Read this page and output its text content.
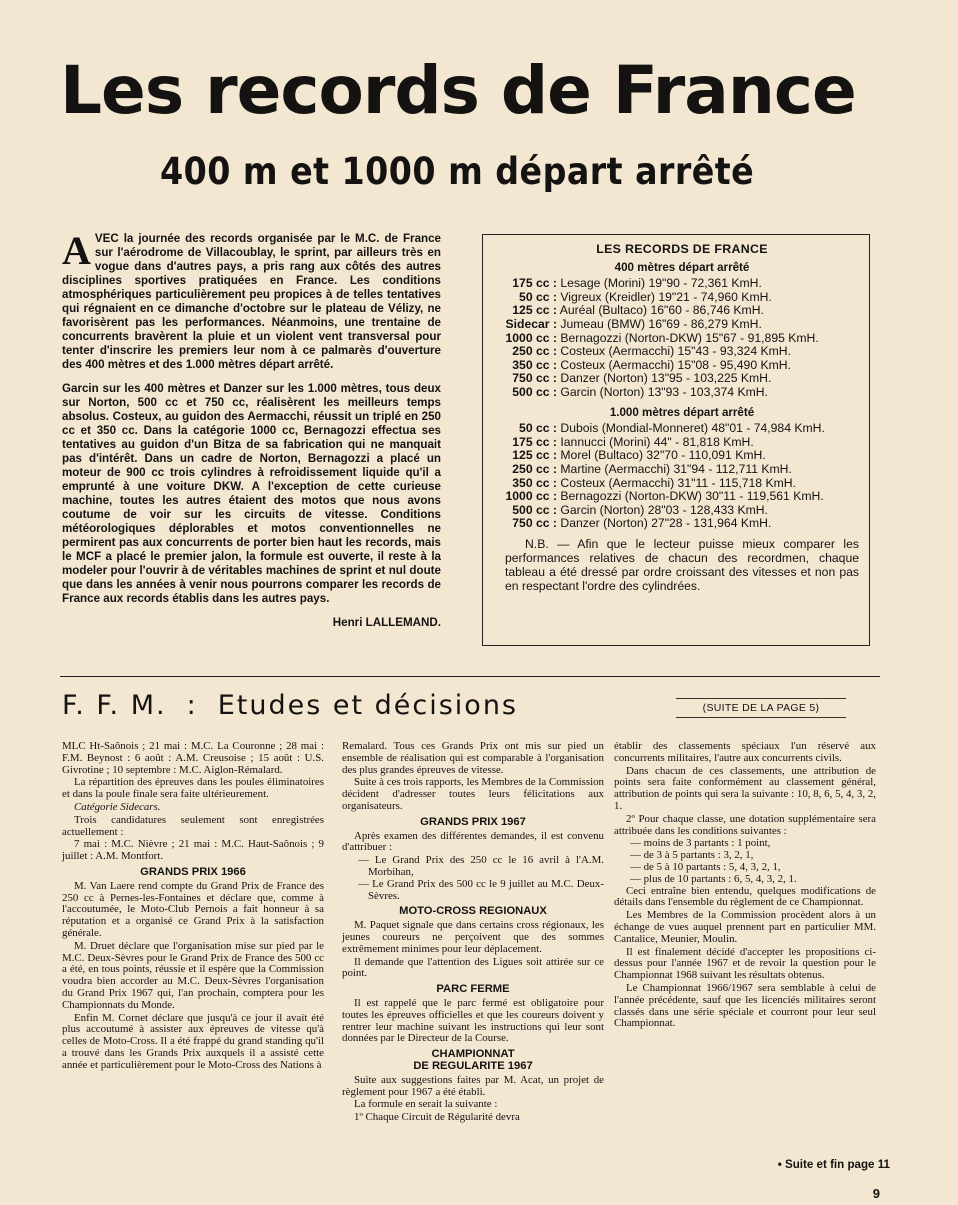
Les records de France
400 m et 1000 m départ arrêté

AVEC la journée des records organisée par le M.C. de France sur l'aérodrome de Villacoublay, le sprint, par ailleurs très en vogue dans d'autres pays, a pris rang aux côtés des autres disciplines sportives pratiquées en France. Les conditions atmosphériques particulièrement peu propices à de telles tentatives qui régnaient en ce dimanche d'octobre sur le plateau de Vélizy, ne favorisèrent pas les performances. Néanmoins, une trentaine de concurrents bravèrent la pluie et un violent vent transversal pour tenter d'inscrire les premiers leur nom à ce palmarès d'ouverture des 400 mètres et des 1.000 mètres départ arrêté.

Garcin sur les 400 mètres et Danzer sur les 1.000 mètres, tous deux sur Norton, 500 cc et 750 cc, réalisèrent les meilleurs temps absolus. Costeux, au guidon des Aermacchi, réussit un triplé en 250 cc et 350 cc. Dans la catégorie 1000 cc, Bernagozzi effectua ses tentatives au guidon d'un Bitza de sa fabrication qui ne manquait pas d'intérêt. Dans un cadre de Norton, Bernagozzi a placé un moteur de 900 cc trois cylindres à refroidissement liquide qu'il a emprunté à une voiture DKW. A l'exception de cette curieuse machine, toutes les autres étaient des motos que nous avons coutume de voir sur les circuits de vitesse. Conditions météorologiques déplorables et motos conventionnelles ne permirent pas aux concurrents de porter bien haut les records, mais le MCF a placé le premier jalon, la formule est ouverte, il reste à la modeler pour l'ouvrir à de véritables machines de sprint et nul doute que dans les années à venir nous pourrons comparer les records de France aux records établis dans les autres pays.

Henri LALLEMAND.
LES RECORDS DE FRANCE
400 mètres départ arrêté
175 cc : Lesage (Morini) 19"90 - 72,361 KmH.
50 cc : Vigreux (Kreidler) 19"21 - 74,960 KmH.
125 cc : Auréal (Bultaco) 16"60 - 86,746 KmH.
Sidecar : Jumeau (BMW) 16"69 - 86,279 KmH.
1000 cc : Bernagozzi (Norton-DKW) 15"67 - 91,895 KmH.
250 cc : Costeux (Aermacchi) 15"43 - 93,324 KmH.
350 cc : Costeux (Aermacchi) 15"08 - 95,490 KmH.
750 cc : Danzer (Norton) 13"95 - 103,225 KmH.
500 cc : Garcin (Norton) 13"93 - 103,374 KmH.
1.000 mètres départ arrêté
50 cc : Dubois (Mondial-Monneret) 48"01 - 74,984 KmH.
175 cc : Iannucci (Morini) 44" - 81,818 KmH.
125 cc : Morel (Bultaco) 32"70 - 110,091 KmH.
250 cc : Martine (Aermacchi) 31"94 - 112,711 KmH.
350 cc : Costeux (Aermacchi) 31"11 - 115,718 KmH.
1000 cc : Bernagozzi (Norton-DKW) 30"11 - 119,561 KmH.
500 cc : Garcin (Norton) 28"03 - 128,433 KmH.
750 cc : Danzer (Norton) 27"28 - 131,964 KmH.

N.B. — Afin que le lecteur puisse mieux comparer les performances relatives de chacun des recordmen, chaque tableau a été dressé par ordre croissant des vitesses et non pas en respectant l'ordre des cylindrées.

F. F. M. : Etudes et décisions	(SUITE DE LA PAGE 5)

MLC Ht-Saônois ; 21 mai : M.C. La Couronne ; 28 mai : F.M. Beynost : 6 août : A.M. Creusoise ; 15 août : U.S. Givrotine ; 10 septembre : M.C. Aiglon-Rémalard.

La répartition des épreuves dans les poules éliminatoires et dans la poule finale sera faite ultérieurement.

Catégorie Sidecars.

Trois candidatures seulement sont enregistrées actuellement :

7 mai : M.C. Nièvre ; 21 mai : M.C. Haut-Saônois ; 9 juillet : A.M. Montfort.

GRANDS PRIX 1966

M. Van Laere rend compte du Grand Prix de France des 250 cc à Pernes-les-Fontaines et déclare que, comme à l'accoutumée, le Moto-Club Pernois a fait honneur à sa réputation et a organisé ce Grand Prix à la satisfaction générale.

M. Druet déclare que l'organisation mise sur pied par le M.C. Deux-Sèvres pour le Grand Prix de France des 500 cc a été, en tous points, réussie et il espère que la Commission voudra bien accorder au M.C. Deux-Sèvres l'organisation du Grand Prix 1967 qui, l'an prochain, comptera pour les Championnats du Monde.

Enfin M. Cornet déclare que jusqu'à ce jour il avait été plus accoutumé à assister aux épreuves de vitesse qu'à celles de Moto-Cross. Il a été frappé du grand standing qu'il a trouvé dans les Grands Prix auxquels il a assisté cette année et particulièrement pour le Moto-Cross des Nations à

Remalard. Tous ces Grands Prix ont mis sur pied un ensemble de réalisation qui est comparable à l'organisation des plus grandes épreuves de vitesse.

Suite à ces trois rapports, les Membres de la Commission décident d'adresser toutes leurs félicitations aux organisateurs.

GRANDS PRIX 1967

Après examen des différentes demandes, il est convenu d'attribuer :

— Le Grand Prix des 250 cc le 16 avril à l'A.M. Morbihan,
— Le Grand Prix des 500 cc le 9 juillet au M.C. Deux-Sèvres.
MOTO-CROSS REGIONAUX

M. Paquet signale que dans certains cross régionaux, les jeunes coureurs ne perçoivent que des sommes extrêmement minimes pour leur déplacement.

Il demande que l'attention des Ligues soit attirée sur ce point.

PARC FERME

Il est rappelé que le parc fermé est obligatoire pour toutes les épreuves officielles et que les coureurs doivent y rentrer leur machine suivant les instructions qui leur sont données par le Directeur de la Course.

CHAMPIONNAT
DE REGULARITE 1967

Suite aux suggestions faites par M. Acat, un projet de règlement pour 1967 a été établi.

La formule en serait la suivante :

1º Chaque Circuit de Régularité devra

établir des classements spéciaux l'un réservé aux concurrents militaires, l'autre aux concurrents civils.

Dans chacun de ces classements, une attribution de points sera faite conformément au classement général, attribution de points qui sera la suivante : 10, 8, 6, 5, 4, 3, 2, 1.

2º Pour chaque classe, une dotation supplémentaire sera attribuée dans les conditions suivantes :

— moins de 3 partants : 1 point,
— de 3 à 5 partants : 3, 2, 1,
— de 5 à 10 partants : 5, 4, 3, 2, 1,
— plus de 10 partants : 6, 5, 4, 3, 2, 1.

Ceci entraîne bien entendu, quelques modifications de détails dans l'ensemble du règlement de ce Championnat.

Les Membres de la Commission procèdent alors à un échange de vues auquel prennent part en particulier MM. Cantalice, Meunier, Moulin.

Il est finalement décidé d'accepter les propositions ci-dessus pour l'année 1967 et de revoir la question pour le Championnat 1968 suivant les résultats obtenus.

Le Championnat 1966/1967 sera semblable à celui de l'année précédente, sauf que les licenciés militaires seront classés dans une série spéciale et courront pour leur seul Championnat.

• Suite et fin page 11
9
